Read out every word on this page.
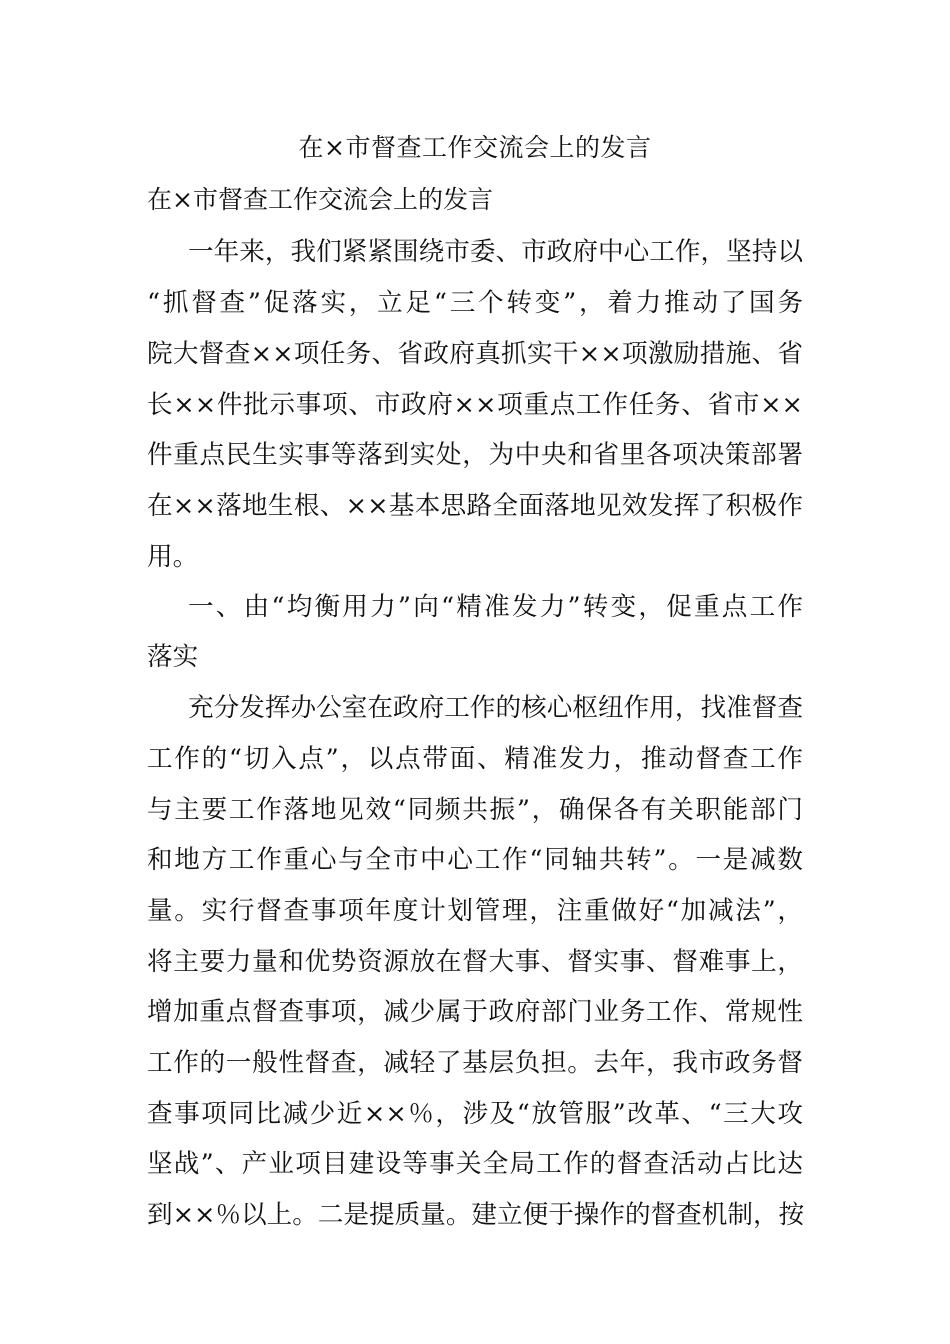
在×市督查工作交流会上的发言
在×市督查工作交流会上的发言
一年来，我们紧紧围绕市委、市政府中心工作，坚持以
“抓督查”促落实，立足“三个转变”，着力推动了国务
院大督查××项任务、省政府真抓实干××项激励措施、省
长××件批示事项、市政府××项重点工作任务、省市××
件重点民生实事等落到实处，为中央和省里各项决策部署
在××落地生根、××基本思路全面落地见效发挥了积极作
用。
一、由“均衡用力”向“精准发力”转变，促重点工作
落实
充分发挥办公室在政府工作的核心枢纽作用，找准督查
工作的“切入点”，以点带面、精准发力，推动督查工作
与主要工作落地见效“同频共振”，确保各有关职能部门
和地方工作重心与全市中心工作“同轴共转”。一是减数
量。实行督查事项年度计划管理，注重做好“加减法”，
将主要力量和优势资源放在督大事、督实事、督难事上，
增加重点督查事项，减少属于政府部门业务工作、常规性
工作的一般性督查，减轻了基层负担。去年，我市政务督
查事项同比减少近××％，涉及“放管服”改革、“三大攻
坚战”、产业项目建设等事关全局工作的督查活动占比达
到××％以上。二是提质量。建立便于操作的督查机制，按
